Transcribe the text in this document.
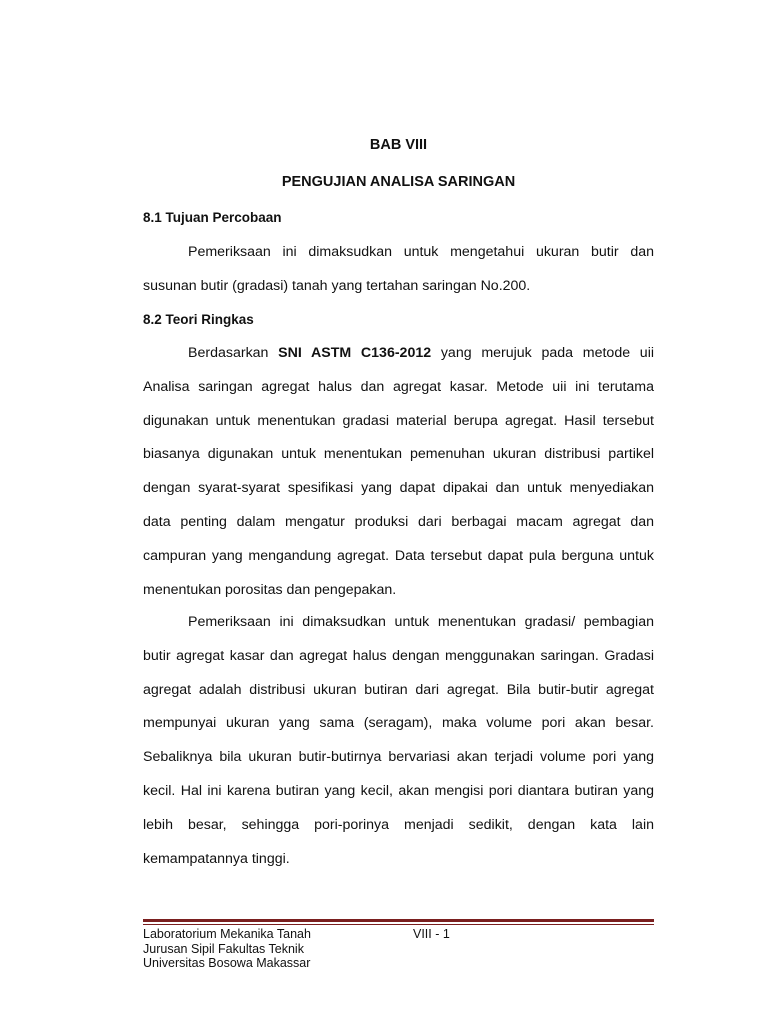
BAB VIII
PENGUJIAN ANALISA SARINGAN
8.1 Tujuan Percobaan
Pemeriksaan ini dimaksudkan untuk mengetahui ukuran butir dan susunan butir (gradasi) tanah yang tertahan saringan No.200.
8.2 Teori Ringkas
Berdasarkan SNI ASTM C136-2012 yang merujuk pada metode uii Analisa saringan agregat halus dan agregat kasar. Metode uii ini terutama digunakan untuk menentukan gradasi material berupa agregat. Hasil tersebut biasanya digunakan untuk menentukan pemenuhan ukuran distribusi partikel dengan syarat-syarat spesifikasi yang dapat dipakai dan untuk menyediakan data penting dalam mengatur produksi dari berbagai macam agregat dan campuran yang mengandung agregat. Data tersebut dapat pula berguna untuk menentukan porositas dan pengepakan.
Pemeriksaan ini dimaksudkan untuk menentukan gradasi/ pembagian butir agregat kasar dan agregat halus dengan menggunakan saringan. Gradasi agregat adalah distribusi ukuran butiran dari agregat. Bila butir-butir agregat mempunyai ukuran yang sama (seragam), maka volume pori akan besar. Sebaliknya bila ukuran butir-butirnya bervariasi akan terjadi volume pori yang kecil. Hal ini karena butiran yang kecil, akan mengisi pori diantara butiran yang lebih besar, sehingga pori-porinya menjadi sedikit, dengan kata lain kemampatannya tinggi.
Laboratorium Mekanika Tanah
Jurusan Sipil Fakultas Teknik
Universitas Bosowa Makassar
VIII - 1
